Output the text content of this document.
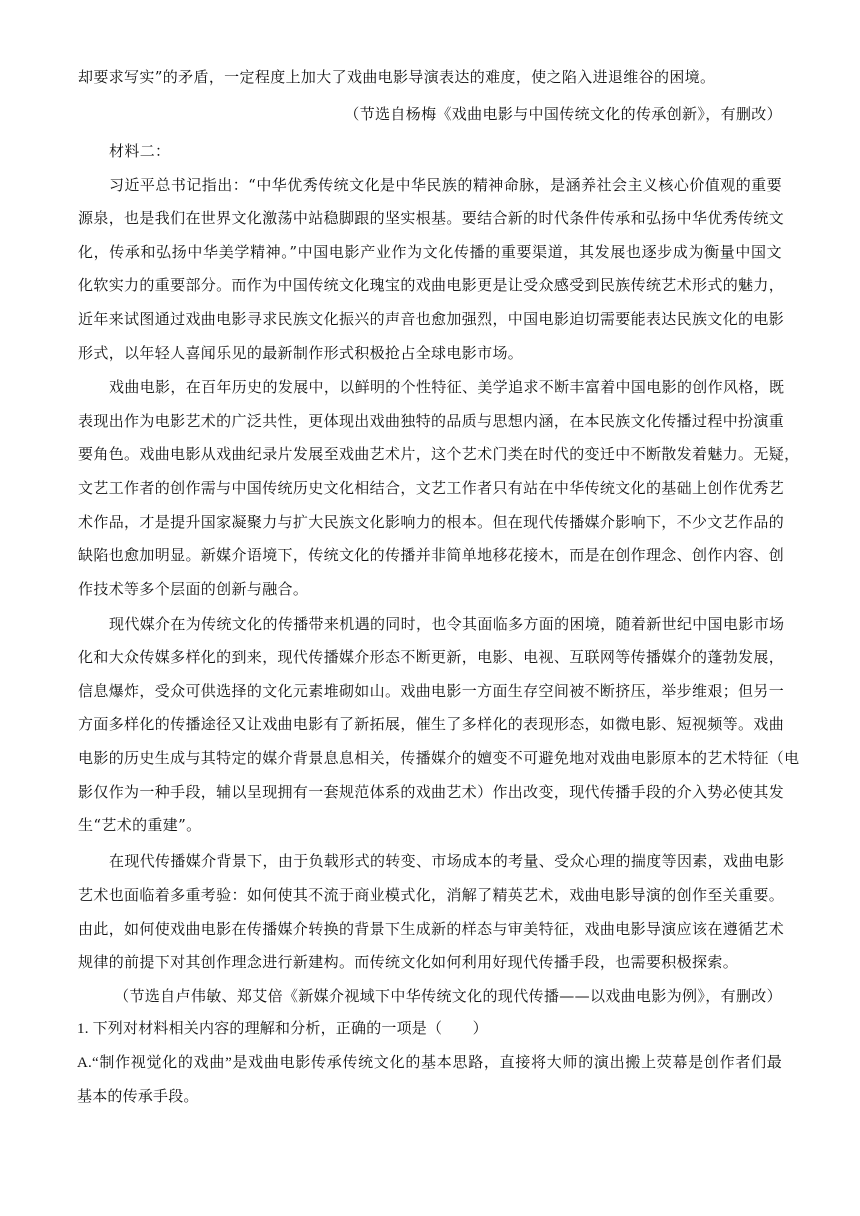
却要求写实”的矛盾，一定程度上加大了戏曲电影导演表达的难度，使之陷入进退维谷的困境。
（节选自杨梅《戏曲电影与中国传统文化的传承创新》，有删改）
材料二：
习近平总书记指出：“中华优秀传统文化是中华民族的精神命脉，是涵养社会主义核心价值观的重要
源泉，也是我们在世界文化激荡中站稳脚跟的坚实根基。要结合新的时代条件传承和弘扬中华优秀传统文
化，传承和弘扬中华美学精神。”中国电影产业作为文化传播的重要渠道，其发展也逐步成为衡量中国文
化软实力的重要部分。而作为中国传统文化瑰宝的戏曲电影更是让受众感受到民族传统艺术形式的魅力，
近年来试图通过戏曲电影寻求民族文化振兴的声音也愈加强烈，中国电影迫切需要能表达民族文化的电影
形式，以年轻人喜闻乐见的最新制作形式积极抢占全球电影市场。
戏曲电影，在百年历史的发展中，以鲜明的个性特征、美学追求不断丰富着中国电影的创作风格，既
表现出作为电影艺术的广泛共性，更体现出戏曲独特的品质与思想内涵，在本民族文化传播过程中扮演重
要角色。戏曲电影从戏曲纪录片发展至戏曲艺术片，这个艺术门类在时代的变迁中不断散发着魅力。无疑，
文艺工作者的创作需与中国传统历史文化相结合，文艺工作者只有站在中华传统文化的基础上创作优秀艺
术作品，才是提升国家凝聚力与扩大民族文化影响力的根本。但在现代传播媒介影响下，不少文艺作品的
缺陷也愈加明显。新媒介语境下，传统文化的传播并非简单地移花接木，而是在创作理念、创作内容、创
作技术等多个层面的创新与融合。
现代媒介在为传统文化的传播带来机遇的同时，也令其面临多方面的困境，随着新世纪中国电影市场
化和大众传媒多样化的到来，现代传播媒介形态不断更新，电影、电视、互联网等传播媒介的蓬勃发展，
信息爆炸，受众可供选择的文化元素堆砌如山。戏曲电影一方面生存空间被不断挤压，举步维艰；但另一
方面多样化的传播途径又让戏曲电影有了新拓展，催生了多样化的表现形态，如微电影、短视频等。戏曲
电影的历史生成与其特定的媒介背景息息相关，传播媒介的嬗变不可避免地对戏曲电影原本的艺术特征（电
影仅作为一种手段，辅以呈现拥有一套规范体系的戏曲艺术）作出改变，现代传播手段的介入势必使其发
生“艺术的重建”。
在现代传播媒介背景下，由于负载形式的转变、市场成本的考量、受众心理的揣度等因素，戏曲电影
艺术也面临着多重考验：如何使其不流于商业模式化，消解了精英艺术，戏曲电影导演的创作至关重要。
由此，如何使戏曲电影在传播媒介转换的背景下生成新的样态与审美特征，戏曲电影导演应该在遵循艺术
规律的前提下对其创作理念进行新建构。而传统文化如何利用好现代传播手段，也需要积极探索。
（节选自卢伟敏、郑艾倍《新媒介视域下中华传统文化的现代传播——以戏曲电影为例》，有删改）
1. 下列对材料相关内容的理解和分析，正确的一项是（　　）
A.“制作视觉化的戏曲”是戏曲电影传承传统文化的基本思路，直接将大师的演出搬上荧幕是创作者们最
基本的传承手段。
